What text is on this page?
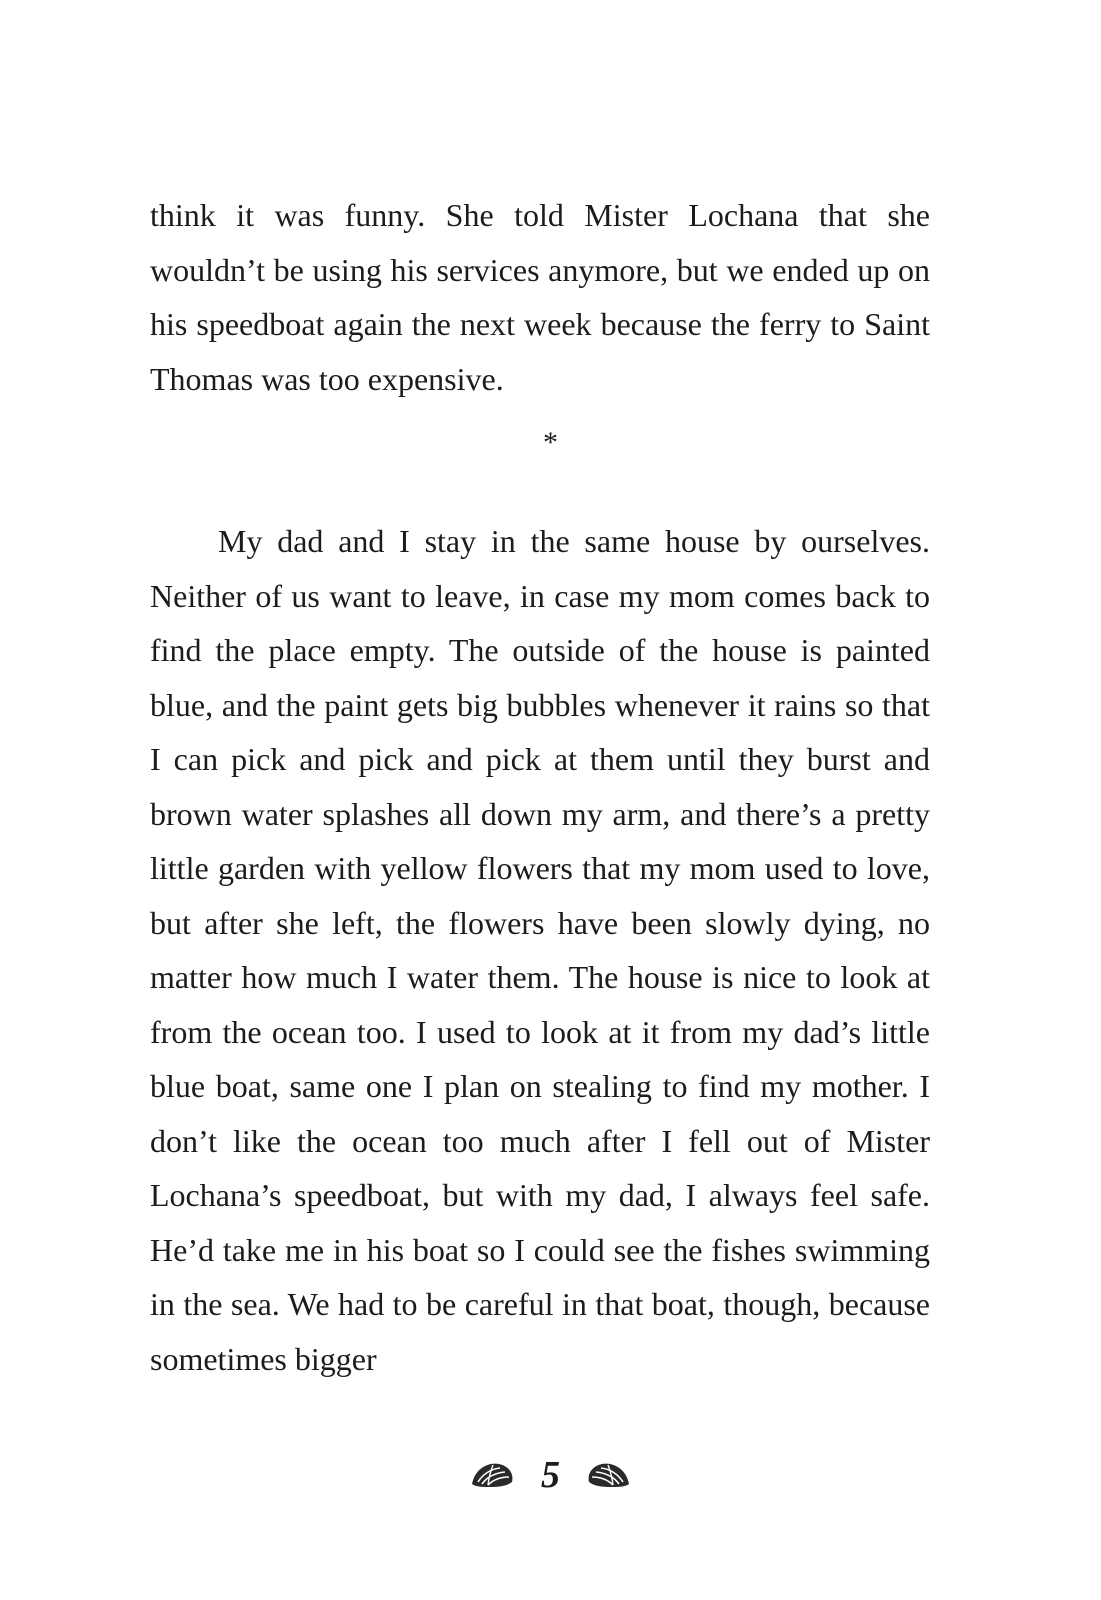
think it was funny. She told Mister Lochana that she wouldn’t be using his services anymore, but we ended up on his speedboat again the next week because the ferry to Saint Thomas was too expensive.

*

My dad and I stay in the same house by ourselves. Neither of us want to leave, in case my mom comes back to find the place empty. The outside of the house is painted blue, and the paint gets big bubbles whenever it rains so that I can pick and pick and pick at them until they burst and brown water splashes all down my arm, and there’s a pretty little garden with yellow flowers that my mom used to love, but after she left, the flowers have been slowly dying, no matter how much I water them. The house is nice to look at from the ocean too. I used to look at it from my dad’s little blue boat, same one I plan on stealing to find my mother. I don’t like the ocean too much after I fell out of Mister Lochana’s speedboat, but with my dad, I always feel safe. He’d take me in his boat so I could see the fishes swimming in the sea. We had to be careful in that boat, though, because sometimes bigger

5
